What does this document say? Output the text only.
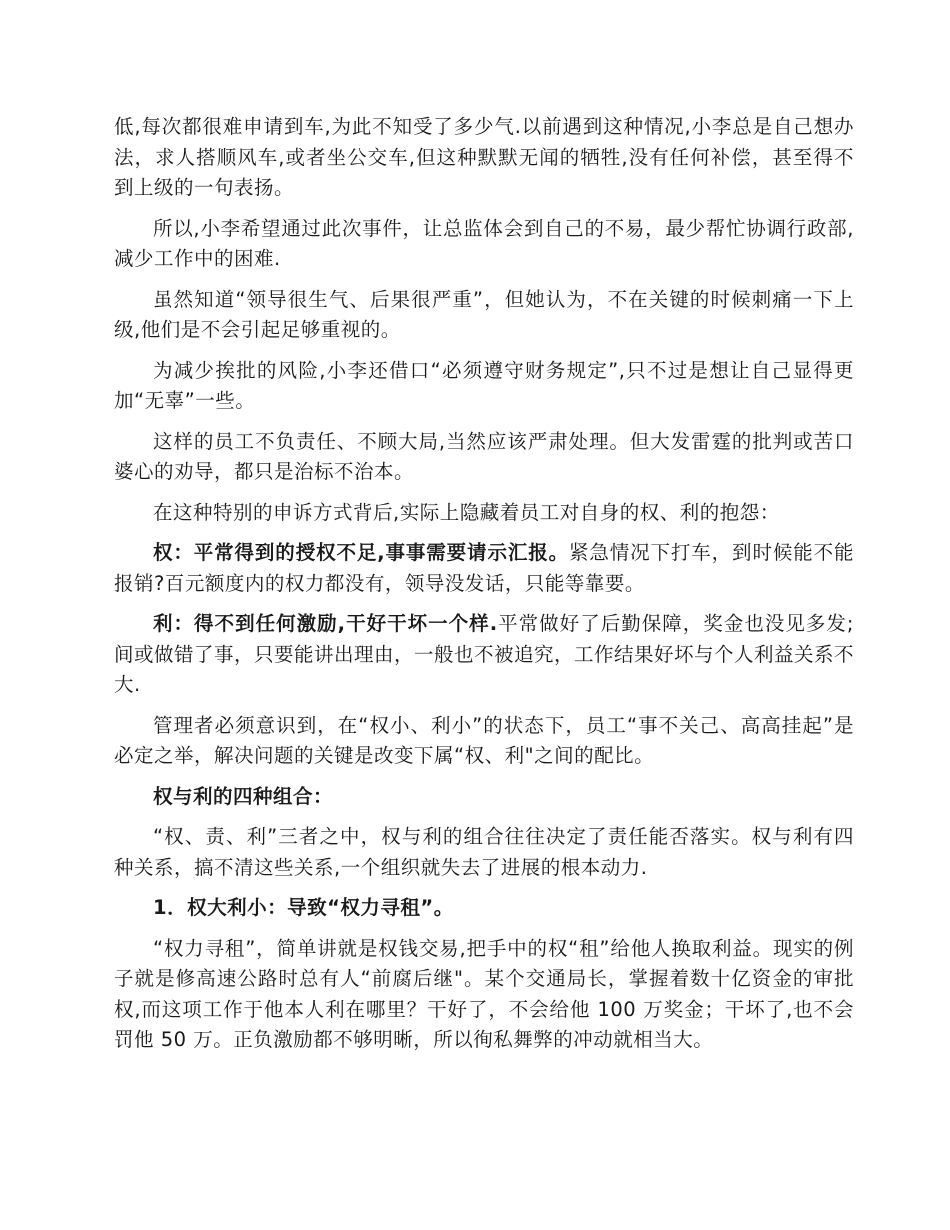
低,每次都很难申请到车,为此不知受了多少气.以前遇到这种情况,小李总是自己想办法，求人搭顺风车,或者坐公交车,但这种默默无闻的牺牲,没有任何补偿，甚至得不到上级的一句表扬。

所以,小李希望通过此次事件，让总监体会到自己的不易，最少帮忙协调行政部,减少工作中的困难.

虽然知道“领导很生气、后果很严重”，但她认为，不在关键的时候刺痛一下上级,他们是不会引起足够重视的。

为减少挨批的风险,小李还借口“必须遵守财务规定”,只不过是想让自己显得更加“无辜”一些。

这样的员工不负责任、不顾大局,当然应该严肃处理。但大发雷霆的批判或苦口婆心的劝导，都只是治标不治本。

在这种特别的申诉方式背后,实际上隐藏着员工对自身的权、利的抱怨：

权：平常得到的授权不足,事事需要请示汇报。紧急情况下打车，到时候能不能报销?百元额度内的权力都没有，领导没发话，只能等靠要。

利：得不到任何激励,干好干坏一个样.平常做好了后勤保障，奖金也没见多发;间或做错了事，只要能讲出理由，一般也不被追究，工作结果好坏与个人利益关系不大.

管理者必须意识到，在“权小、利小”的状态下，员工“事不关己、高高挂起”是必定之举，解决问题的关键是改变下属“权、利"之间的配比。

权与利的四种组合：

“权、责、利”三者之中，权与利的组合往往决定了责任能否落实。权与利有四种关系，搞不清这些关系,一个组织就失去了进展的根本动力.

1．权大利小：导致“权力寻租”。

“权力寻租”，简单讲就是权钱交易,把手中的权“租”给他人换取利益。现实的例子就是修高速公路时总有人“前腐后继"。某个交通局长，掌握着数十亿资金的审批权,而这项工作于他本人利在哪里？干好了，不会给他 100 万奖金；干坏了,也不会罚他 50 万。正负激励都不够明晰，所以徇私舞弊的冲动就相当大。
